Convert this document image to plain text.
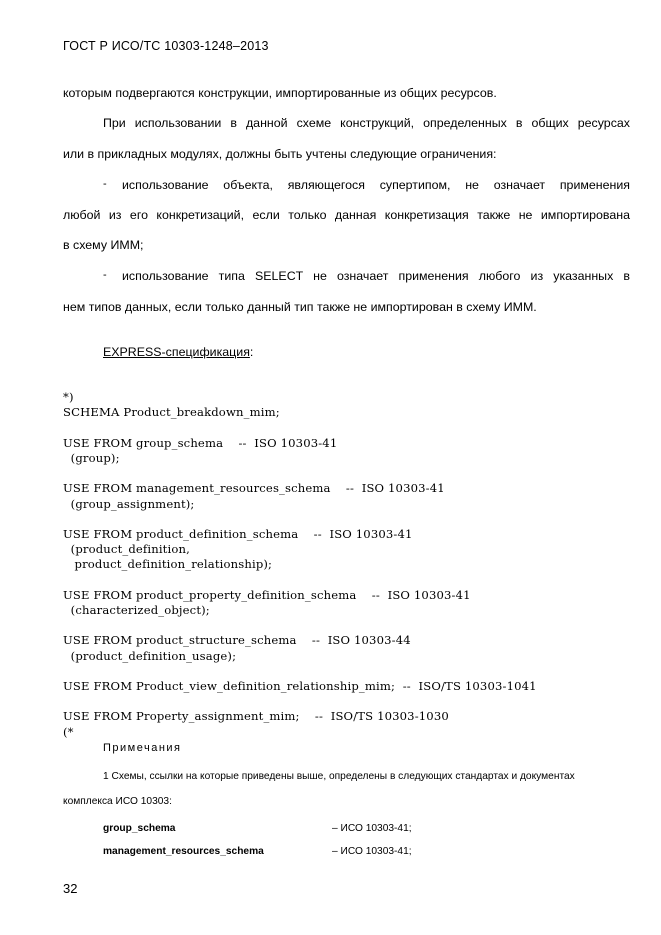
ГОСТ Р ИСО/ТС 10303-1248–2013
которым подвергаются конструкции, импортированные из общих ресурсов.
При использовании в данной схеме конструкций, определенных в общих ресурсах
или в прикладных модулях, должны быть учтены следующие ограничения:
- использование объекта, являющегося супертипом, не означает применения
любой из его конкретизаций, если только данная конкретизация также не импортирована
в схему ИММ;
- использование типа SELECT не означает применения любого из указанных в
нем типов данных, если только данный тип также не импортирован в схему ИММ.
EXPRESS-спецификация:

*)
SCHEMA Product_breakdown_mim;

USE FROM group_schema    --  ISO 10303-41
(group);

USE FROM management_resources_schema    --  ISO 10303-41
(group_assignment);

USE FROM product_definition_schema    --  ISO 10303-41
(product_definition,
product_definition_relationship);

USE FROM product_property_definition_schema    --  ISO 10303-41
(characterized_object);

USE FROM product_structure_schema    --  ISO 10303-44
(product_definition_usage);

USE FROM Product_view_definition_relationship_mim;  --  ISO/TS 10303-1041

USE FROM Property_assignment_mim;    --  ISO/TS 10303-1030
(*

Примечания
1 Схемы, ссылки на которые приведены выше, определены в следующих стандартах и документах
комплекса ИСО 10303:
group_schema	– ИСО 10303-41;
management_resources_schema	– ИСО 10303-41;
32
